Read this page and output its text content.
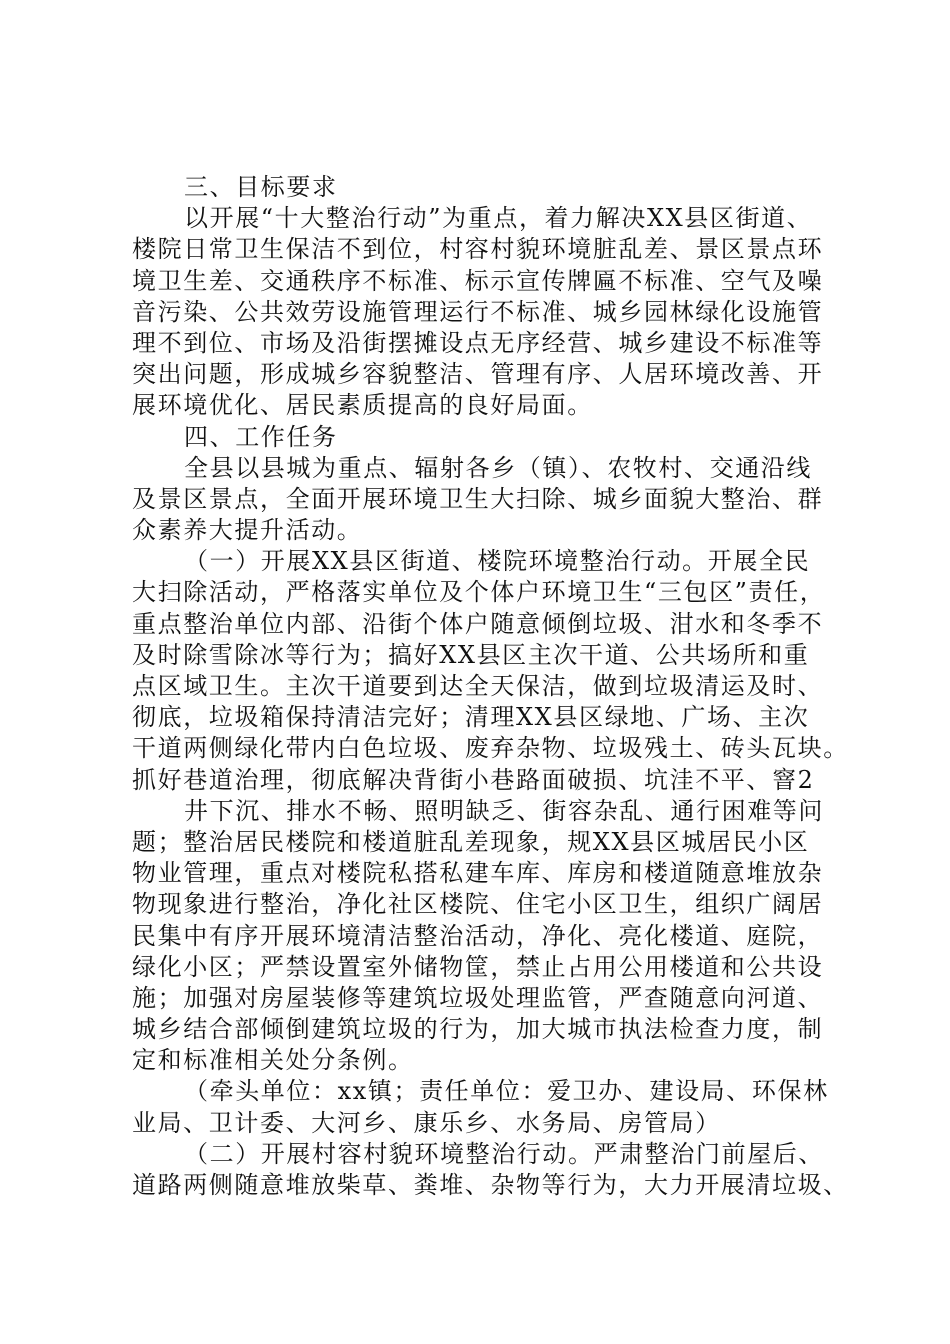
三、目标要求
以开展“十大整治行动”为重点，着力解决XX县区街道、
楼院日常卫生保洁不到位，村容村貌环境脏乱差、景区景点环
境卫生差、交通秩序不标准、标示宣传牌匾不标准、空气及噪
音污染、公共效劳设施管理运行不标准、城乡园林绿化设施管
理不到位、市场及沿街摆摊设点无序经营、城乡建设不标准等
突出问题，形成城乡容貌整洁、管理有序、人居环境改善、开
展环境优化、居民素质提高的良好局面。
四、工作任务
全县以县城为重点、辐射各乡（镇）、农牧村、交通沿线
及景区景点，全面开展环境卫生大扫除、城乡面貌大整治、群
众素养大提升活动。
（一）开展XX县区街道、楼院环境整治行动。开展全民
大扫除活动，严格落实单位及个体户环境卫生“三包区”责任，
重点整治单位内部、沿街个体户随意倾倒垃圾、泔水和冬季不
及时除雪除冰等行为；搞好XX县区主次干道、公共场所和重
点区域卫生。主次干道要到达全天保洁，做到垃圾清运及时、
彻底，垃圾箱保持清洁完好；清理XX县区绿地、广场、主次
干道两侧绿化带内白色垃圾、废弃杂物、垃圾残土、砖头瓦块。
抓好巷道治理，彻底解决背街小巷路面破损、坑洼不平、窨2
井下沉、排水不畅、照明缺乏、街容杂乱、通行困难等问
题；整治居民楼院和楼道脏乱差现象，规XX县区城居民小区
物业管理，重点对楼院私搭私建车库、库房和楼道随意堆放杂
物现象进行整治，净化社区楼院、住宅小区卫生，组织广阔居
民集中有序开展环境清洁整治活动，净化、亮化楼道、庭院，
绿化小区；严禁设置室外储物筐，禁止占用公用楼道和公共设
施；加强对房屋装修等建筑垃圾处理监管，严查随意向河道、
城乡结合部倾倒建筑垃圾的行为，加大城市执法检查力度，制
定和标准相关处分条例。
（牵头单位：xx镇；责任单位：爱卫办、建设局、环保林
业局、卫计委、大河乡、康乐乡、水务局、房管局）
（二）开展村容村貌环境整治行动。严肃整治门前屋后、
道路两侧随意堆放柴草、粪堆、杂物等行为，大力开展清垃圾、
